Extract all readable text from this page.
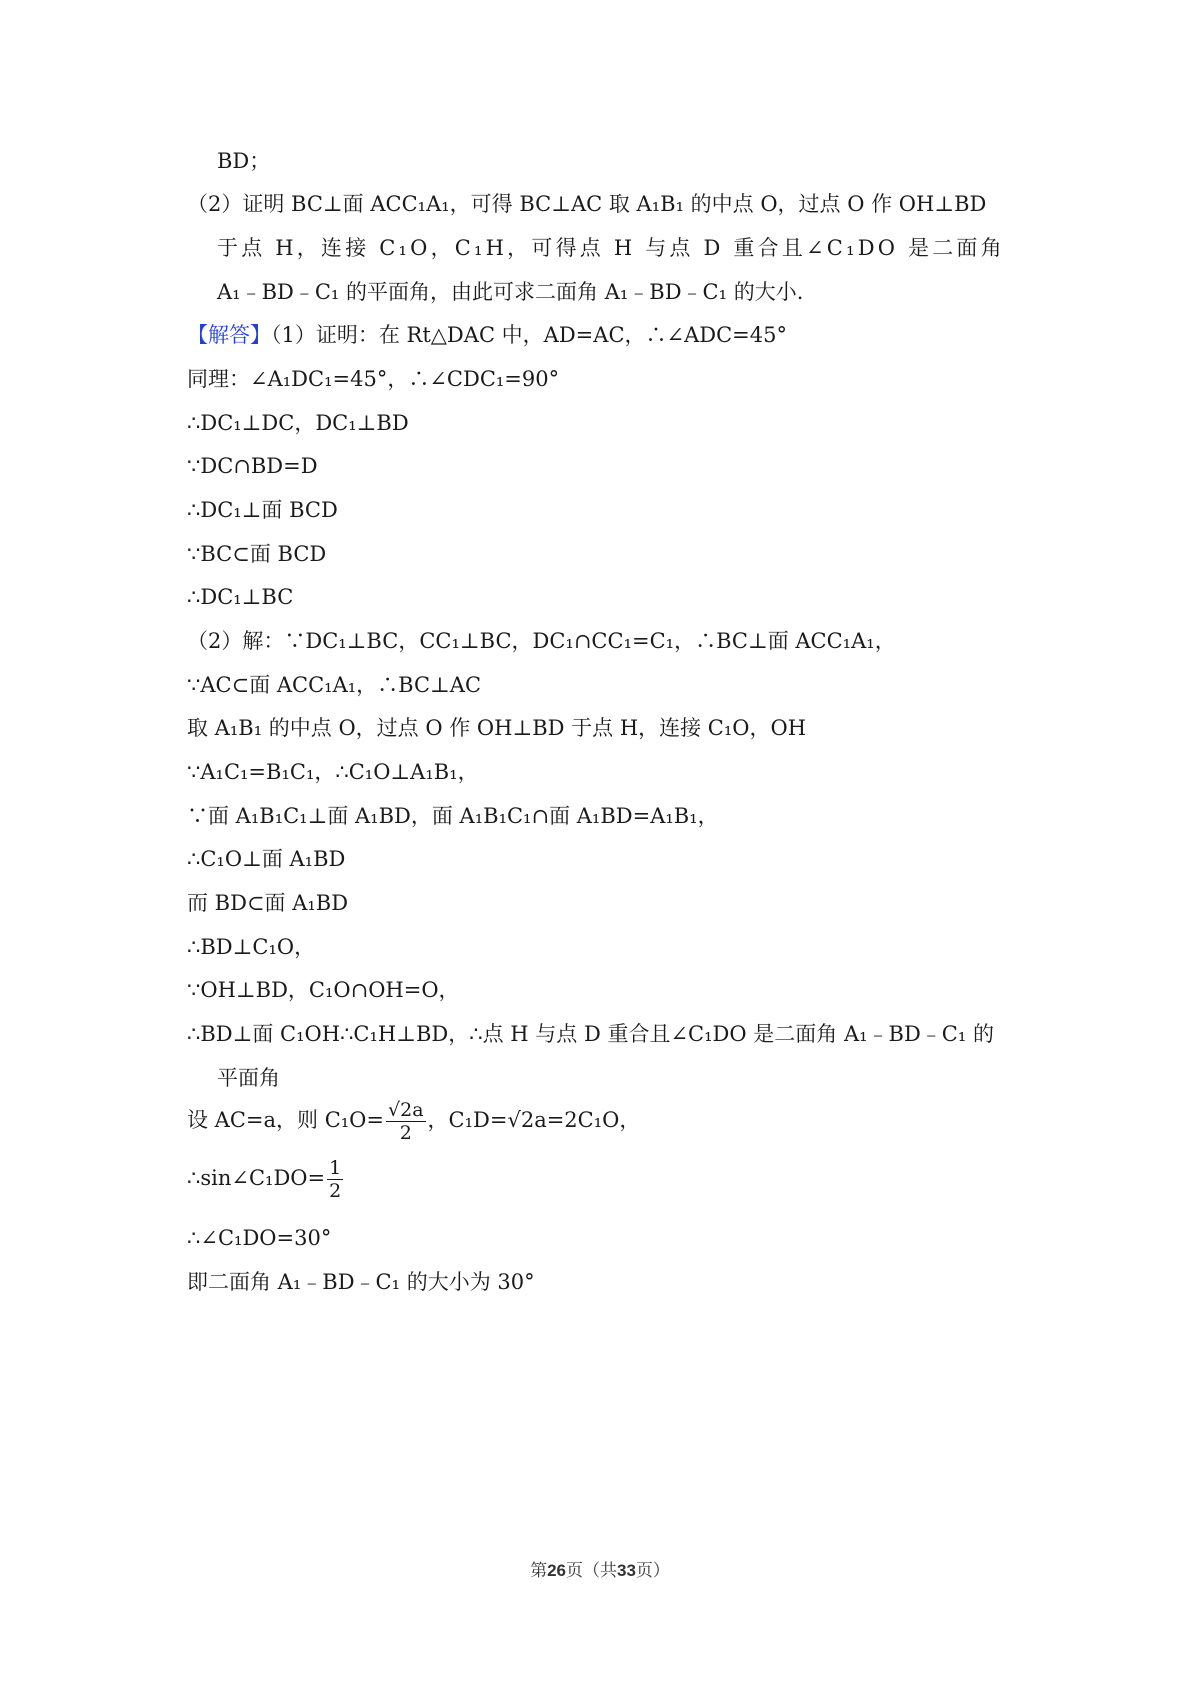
BD；
（2）证明 BC⊥面 ACC₁A₁，可得 BC⊥AC 取 A₁B₁ 的中点 O，过点 O 作 OH⊥BD
于点 H，连接 C₁O，C₁H，可得点 H 与点 D 重合且∠C₁DO 是二面角
A₁﹣BD﹣C₁ 的平面角，由此可求二面角 A₁﹣BD﹣C₁ 的大小.
【解答】（1）证明：在 Rt△DAC 中，AD=AC，∴∠ADC=45°
同理：∠A₁DC₁=45°，∴∠CDC₁=90°
∴DC₁⊥DC，DC₁⊥BD
∵DC∩BD=D
∴DC₁⊥面 BCD
∵BC⊂面 BCD
∴DC₁⊥BC
（2）解：∵DC₁⊥BC，CC₁⊥BC，DC₁∩CC₁=C₁，∴BC⊥面 ACC₁A₁，
∵AC⊂面 ACC₁A₁，∴BC⊥AC
取 A₁B₁ 的中点 O，过点 O 作 OH⊥BD 于点 H，连接 C₁O，OH
∵A₁C₁=B₁C₁，∴C₁O⊥A₁B₁，
∵面 A₁B₁C₁⊥面 A₁BD，面 A₁B₁C₁∩面 A₁BD=A₁B₁，
∴C₁O⊥面 A₁BD
而 BD⊂面 A₁BD
∴BD⊥C₁O，
∵OH⊥BD，C₁O∩OH=O，
∴BD⊥面 C₁OH∴C₁H⊥BD，∴点 H 与点 D 重合且∠C₁DO 是二面角 A₁﹣BD﹣C₁ 的
平面角
设 AC=a，则 $C_1O= \frac{√2a}{2}$ ，C₁D=√2a=2C₁O，
∴sin∠C₁DO= $\frac{1}{2}$
∴∠C₁DO=30°
即二面角 A₁﹣BD﹣C₁ 的大小为 30°
第26页（共33页）
